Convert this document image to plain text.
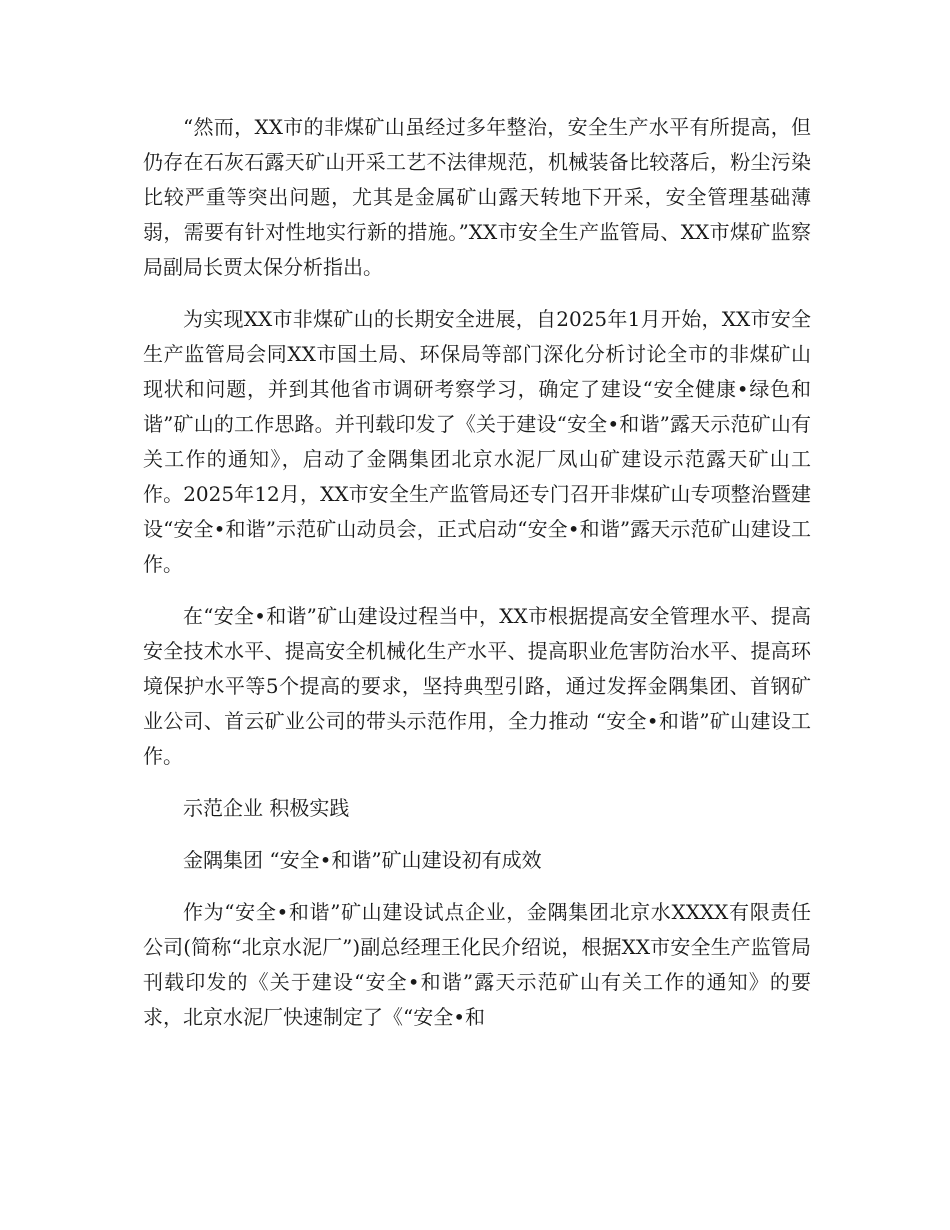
“然而，XX市的非煤矿山虽经过多年整治，安全生产水平有所提高，但仍存在石灰石露天矿山开采工艺不法律规范，机械装备比较落后，粉尘污染比较严重等突出问题，尤其是金属矿山露天转地下开采，安全管理基础薄弱，需要有针对性地实行新的措施。”XX市安全生产监管局、XX市煤矿监察局副局长贾太保分析指出。

为实现XX市非煤矿山的长期安全进展，自2025年1月开始，XX市安全生产监管局会同XX市国土局、环保局等部门深化分析讨论全市的非煤矿山现状和问题，并到其他省市调研考察学习，确定了建设“安全健康•绿色和谐”矿山的工作思路。并刊载印发了《关于建设“安全•和谐”露天示范矿山有关工作的通知》，启动了金隅集团北京水泥厂凤山矿建设示范露天矿山工作。2025年12月，XX市安全生产监管局还专门召开非煤矿山专项整治暨建设“安全•和谐”示范矿山动员会，正式启动“安全•和谐”露天示范矿山建设工作。

在“安全•和谐”矿山建设过程当中，XX市根据提高安全管理水平、提高安全技术水平、提高安全机械化生产水平、提高职业危害防治水平、提高环境保护水平等5个提高的要求，坚持典型引路，通过发挥金隅集团、首钢矿业公司、首云矿业公司的带头示范作用，全力推动 “安全•和谐”矿山建设工作。

示范企业 积极实践

金隅集团 “安全•和谐”矿山建设初有成效

作为“安全•和谐”矿山建设试点企业，金隅集团北京水XXXX有限责任公司(简称“北京水泥厂”)副总经理王化民介绍说，根据XX市安全生产监管局刊载印发的《关于建设“安全•和谐”露天示范矿山有关工作的通知》的要求，北京水泥厂快速制定了《“安全•和
